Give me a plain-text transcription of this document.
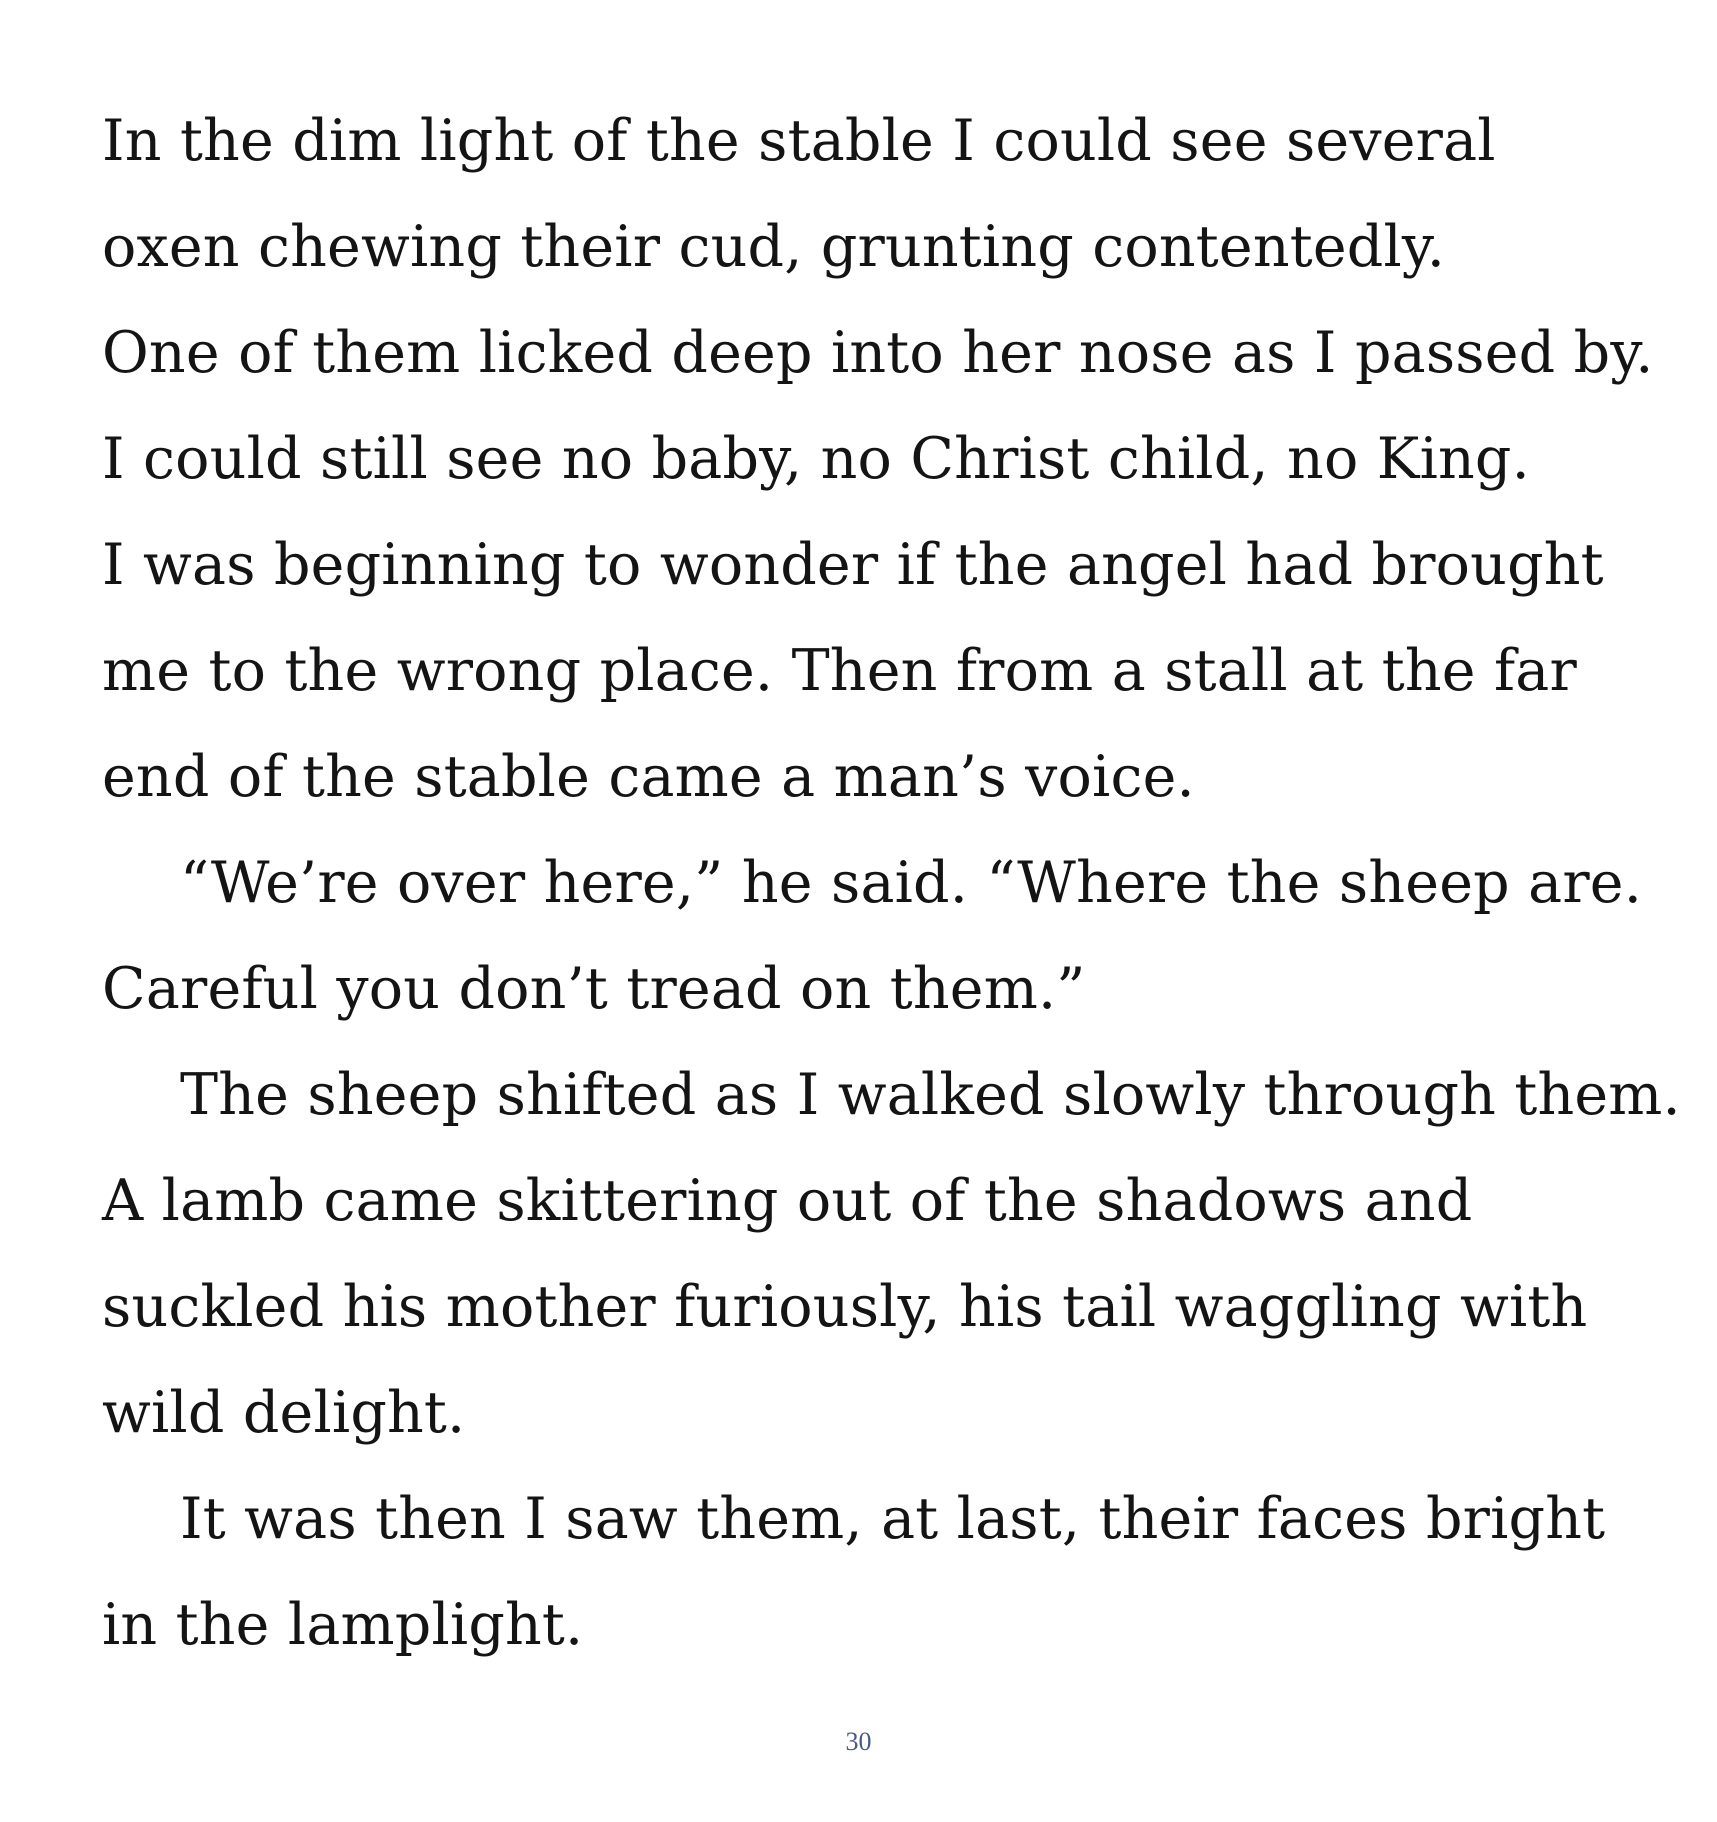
In the dim light of the stable I could see several
oxen chewing their cud, grunting contentedly.
One of them licked deep into her nose as I passed by.
I could still see no baby, no Christ child, no King.
I was beginning to wonder if the angel had brought
me to the wrong place. Then from a stall at the far
end of the stable came a man’s voice.
“We’re over here,” he said. “Where the sheep are.
Careful you don’t tread on them.”
The sheep shifted as I walked slowly through them.
A lamb came skittering out of the shadows and
suckled his mother furiously, his tail waggling with
wild delight.
It was then I saw them, at last, their faces bright
in the lamplight.
30
